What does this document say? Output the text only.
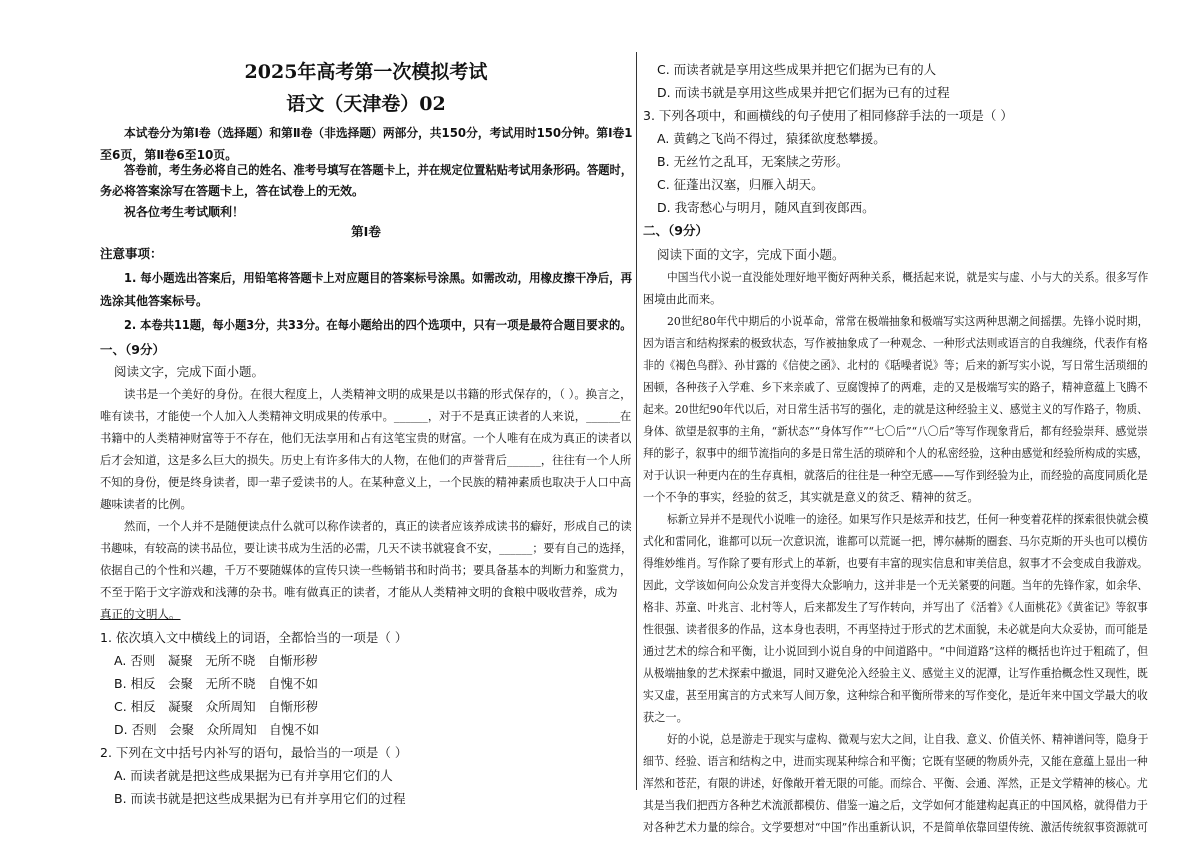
2025年高考第一次模拟考试
语文（天津卷）02
本试卷分为第Ⅰ卷（选择题）和第Ⅱ卷（非选择题）两部分，共150分，考试用时150分钟。第Ⅰ卷1
至6页，第Ⅱ卷6至10页。
答卷前，考生务必将自己的姓名、准考号填写在答题卡上，并在规定位置粘贴考试用条形码。答题时，
务必将答案涂写在答题卡上，答在试卷上的无效。
祝各位考生考试顺利！
第Ⅰ卷
注意事项：
1. 每小题选出答案后，用铅笔将答题卡上对应题目的答案标号涂黑。如需改动，用橡皮擦干净后，再
选涂其他答案标号。
2. 本卷共11题，每小题3分，共33分。在每小题给出的四个选项中，只有一项是最符合题目要求的。
一、（9分）
阅读文字，完成下面小题。
读书是一个美好的身份。在很大程度上，人类精神文明的成果是以书籍的形式保存的，（ ）。换言之，
唯有读书，才能使一个人加入人类精神文明成果的传承中。______，对于不是真正读者的人来说，______在
书籍中的人类精神财富等于不存在，他们无法享用和占有这笔宝贵的财富。一个人唯有在成为真正的读者以
后才会知道，这是多么巨大的损失。历史上有许多伟大的人物，在他们的声誉背后______，往往有一个人所
不知的身份，便是终身读者，即一辈子爱读书的人。在某种意义上，一个民族的精神素质也取决于人口中高
趣味读者的比例。
然而，一个人并不是随便读点什么就可以称作读者的，真正的读者应该养成读书的癖好，形成自己的读
书趣味，有较高的读书品位，要让读书成为生活的必需，几天不读书就寝食不安，______；要有自己的选择，
依据自己的个性和兴趣，千万不要随媒体的宣传只读一些畅销书和时尚书；要具备基本的判断力和鉴赏力，
不至于陷于文字游戏和浅薄的杂书。唯有做真正的读者，才能从人类精神文明的食粮中吸收营养，成为
真正的文明人。
1. 依次填入文中横线上的词语，全都恰当的一项是（ ）
A. 否则　凝聚　无所不晓　自惭形秽
B. 相反　会聚　无所不晓　自愧不如
C. 相反　凝聚　众所周知　自惭形秽
D. 否则　会聚　众所周知　自愧不如
2. 下列在文中括号内补写的语句，最恰当的一项是（ ）
A. 而读者就是把这些成果据为已有并享用它们的人
B. 而读书就是把这些成果据为已有并享用它们的过程
C. 而读者就是享用这些成果并把它们据为已有的人
D. 而读书就是享用这些成果并把它们据为已有的过程
3. 下列各项中，和画横线的句子使用了相同修辞手法的一项是（ ）
A. 黄鹤之飞尚不得过，猿猱欲度愁攀援。
B. 无丝竹之乱耳，无案牍之劳形。
C. 征蓬出汉塞，归雁入胡天。
D. 我寄愁心与明月，随风直到夜郎西。
二、（9分）
阅读下面的文字，完成下面小题。
中国当代小说一直没能处理好地平衡好两种关系，概括起来说，就是实与虚、小与大的关系。很多写作
困境由此而来。
20世纪80年代中期后的小说革命，常常在极端抽象和极端写实这两种思潮之间摇摆。先锋小说时期，
因为语言和结构探索的极致状态，写作被抽象成了一种观念、一种形式法则或语言的自我缠绕，代表作有格
非的《褐色鸟群》、孙甘露的《信使之函》、北村的《聒噪者说》等；后来的新写实小说，写日常生活琐细的
困顿，各种孩子入学难、乡下来亲戚了、豆腐馊掉了的两难，走的又是极端写实的路子，精神意蕴上飞腾不
起来。20世纪90年代以后，对日常生活书写的强化，走的就是这种经验主义、感觉主义的写作路子，物质、
身体、欲望是叙事的主角，“新状态”“身体写作”“七〇后”“八〇后”等写作现象背后，都有经验崇拜、感觉崇
拜的影子，叙事中的细节流指向的多是日常生活的琐碎和个人的私密经验，这种由感觉和经验所构成的实感，
对于认识一种更内在的生存真相，就落后的往往是一种空无感——写作到经验为止，而经验的高度同质化是
一个不争的事实，经验的贫乏，其实就是意义的贫乏、精神的贫乏。
标新立异并不是现代小说唯一的途径。如果写作只是炫弄和技艺，任何一种变着花样的探索很快就会模
式化和雷同化，谁都可以玩一次意识流，谁都可以荒诞一把，博尔赫斯的圈套、马尔克斯的开头也可以模仿
得维妙维肖。写作除了要有形式上的革新，也要有丰富的现实信息和审美信息，叙事才不会变成自我游戏。
因此，文学该如何向公众发言并变得大众影响力，这并非是一个无关紧要的问题。当年的先锋作家，如余华、
格非、苏童、叶兆言、北村等人，后来都发生了写作转向，并写出了《活着》《人面桃花》《黄雀记》等叙事
性很强、读者很多的作品，这本身也表明，不再坚持过于形式的艺术面貌，未必就是向大众妥协，而可能是
通过艺术的综合和平衡，让小说回到小说自身的中间道路中。“中间道路”这样的概括也许过于粗疏了，但
从极端抽象的艺术探索中撤退，同时又避免沦入经验主义、感觉主义的泥潭，让写作重拾概念性又现性，既
实又虚，甚至用寓言的方式来写人间万象，这种综合和平衡所带来的写作变化，是近年来中国文学最大的收
获之一。
好的小说，总是游走于现实与虚构、微观与宏大之间，让自我、意义、价值关怀、精神谱问等，隐身于
细节、经验、语言和结构之中，进而实现某种综合和平衡；它既有坚硬的物质外壳，又能在意蕴上显出一种
浑然和苍茫，有限的讲述，好像敞开着无限的可能。而综合、平衡、会通、浑然，正是文学精神的核心。尤
其是当我们把西方各种艺术流派都模仿、借鉴一遍之后，文学如何才能建构起真正的中国风格，就得借力于
对各种艺术力量的综合。文学要想对“中国”作出重新认识，不是简单依靠回望传统、激活传统叙事资源就可
